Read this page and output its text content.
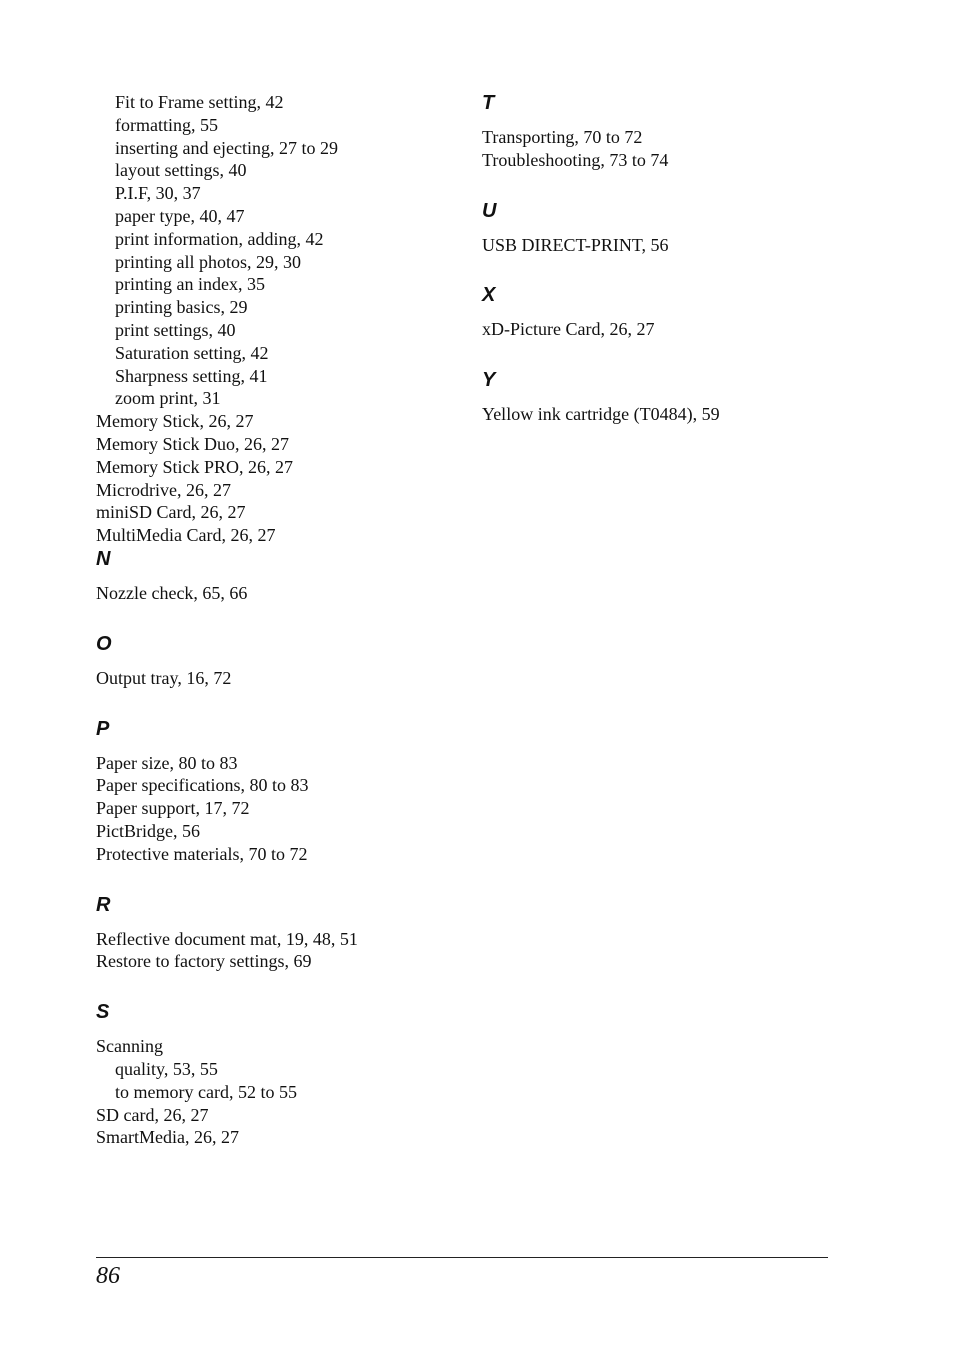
Fit to Frame setting, 42
formatting, 55
inserting and ejecting, 27 to 29
layout settings, 40
P.I.F, 30, 37
paper type, 40, 47
print information, adding, 42
printing all photos, 29, 30
printing an index, 35
printing basics, 29
print settings, 40
Saturation setting, 42
Sharpness setting, 41
zoom print, 31
Memory Stick, 26, 27
Memory Stick Duo, 26, 27
Memory Stick PRO, 26, 27
Microdrive, 26, 27
miniSD Card, 26, 27
MultiMedia Card, 26, 27
N
Nozzle check, 65, 66
O
Output tray, 16, 72
P
Paper size, 80 to 83
Paper specifications, 80 to 83
Paper support, 17, 72
PictBridge, 56
Protective materials, 70 to 72
R
Reflective document mat, 19, 48, 51
Restore to factory settings, 69
S
Scanning
quality, 53, 55
to memory card, 52 to 55
SD card, 26, 27
SmartMedia, 26, 27
T
Transporting, 70 to 72
Troubleshooting, 73 to 74
U
USB DIRECT-PRINT, 56
X
xD-Picture Card, 26, 27
Y
Yellow ink cartridge (T0484), 59
86
